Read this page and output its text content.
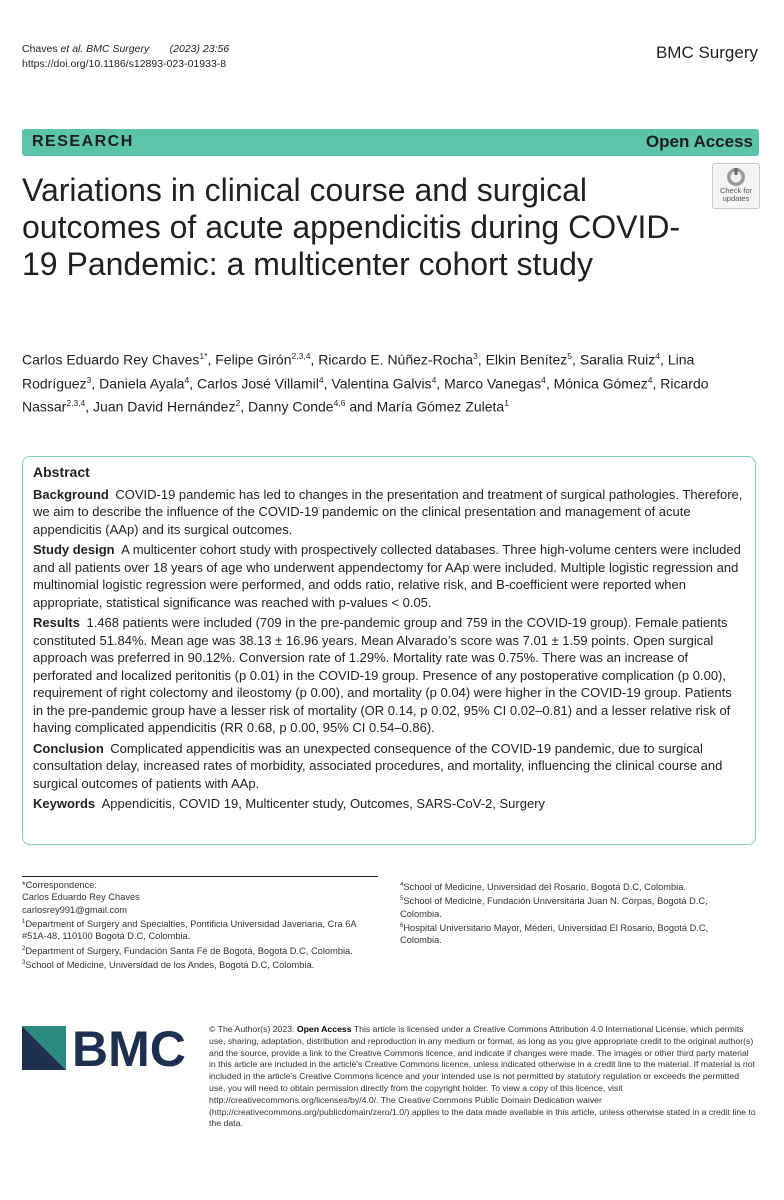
Chaves et al. BMC Surgery (2023) 23:56
https://doi.org/10.1186/s12893-023-01933-8
BMC Surgery
RESEARCH	Open Access
Check for
updates
Variations in clinical course and surgical outcomes of acute appendicitis during COVID-19 Pandemic: a multicenter cohort study
Carlos Eduardo Rey Chaves$^{1*}$, Felipe Girón$^{2,3,4}$, Ricardo E. Núñez-Rocha$^3$, Elkin Benítez$^5$, Saralia Ruiz$^4$, Lina Rodríguez$^3$, Daniela Ayala$^4$, Carlos José Villamil$^4$, Valentina Galvis$^4$, Marco Vanegas$^4$, Mónica Gómez$^4$, Ricardo Nassar$^{2,3,4}$, Juan David Hernández$^2$, Danny Conde$^{4,6}$ and María Gómez Zuleta$^1$
Abstract

Background  COVID-19 pandemic has led to changes in the presentation and treatment of surgical pathologies. Therefore, we aim to describe the influence of the COVID-19 pandemic on the clinical presentation and management of acute appendicitis (AAp) and its surgical outcomes.

Study design  A multicenter cohort study with prospectively collected databases. Three high-volume centers were included and all patients over 18 years of age who underwent appendectomy for AAp were included. Multiple logistic regression and multinomial logistic regression were performed, and odds ratio, relative risk, and B-coefficient were reported when appropriate, statistical significance was reached with p-values < 0.05.

Results  1.468 patients were included (709 in the pre-pandemic group and 759 in the COVID-19 group). Female patients constituted 51.84%. Mean age was 38.13 ± 16.96 years. Mean Alvarado’s score was 7.01 ± 1.59 points. Open surgical approach was preferred in 90.12%. Conversion rate of 1.29%. Mortality rate was 0.75%. There was an increase of perforated and localized peritonitis (p 0.01) in the COVID-19 group. Presence of any postoperative complication (p 0.00), requirement of right colectomy and ileostomy (p 0.00), and mortality (p 0.04) were higher in the COVID-19 group. Patients in the pre-pandemic group have a lesser risk of mortality (OR 0.14, p 0.02, 95% CI 0.02–0.81) and a lesser relative risk of having complicated appendicitis (RR 0.68, p 0.00, 95% CI 0.54–0.86).

Conclusion  Complicated appendicitis was an unexpected consequence of the COVID-19 pandemic, due to surgical consultation delay, increased rates of morbidity, associated procedures, and mortality, influencing the clinical course and surgical outcomes of patients with AAp.

Keywords  Appendicitis, COVID 19, Multicenter study, Outcomes, SARS-CoV-2, Surgery

*Correspondence:

Carlos Eduardo Rey Chaves

carlosrey991@gmail.com

$^1$Department of Surgery and Specialties, Pontificia Universidad Javeriana, Cra 6A #51A-48, 110100 Bogotá D.C, Colombia.

$^2$Department of Surgery, Fundación Santa Fé de Bogotá, Bogotá D.C, Colombia.

$^3$School of Medicine, Universidad de los Andes, Bogotá D.C, Colombia.

$^4$School of Medicine, Universidad del Rosario, Bogotá D.C, Colombia.

$^5$School of Medicine, Fundación Universitaria Juan N. Corpas, Bogotá D.C, Colombia.

$^6$Hospital Universitario Mayor, Méderi, Universidad El Rosario, Bogotá D.C, Colombia.

BMC	© The Author(s) 2023. Open Access This article is licensed under a Creative Commons Attribution 4.0 International License, which permits use, sharing, adaptation, distribution and reproduction in any medium or format, as long as you give appropriate credit to the original author(s) and the source, provide a link to the Creative Commons licence, and indicate if changes were made. The images or other third party material in this article are included in the article’s Creative Commons licence, unless indicated otherwise in a credit line to the material. If material is not included in the article’s Creative Commons licence and your intended use is not permitted by statutory regulation or exceeds the permitted use, you will need to obtain permission directly from the copyright holder. To view a copy of this licence, visit http://creativecommons.org/licenses/by/4.0/. The Creative Commons Public Domain Dedication waiver (http://creativecommons.org/publicdomain/zero/1.0/) applies to the data made available in this article, unless otherwise stated in a credit line to the data.
